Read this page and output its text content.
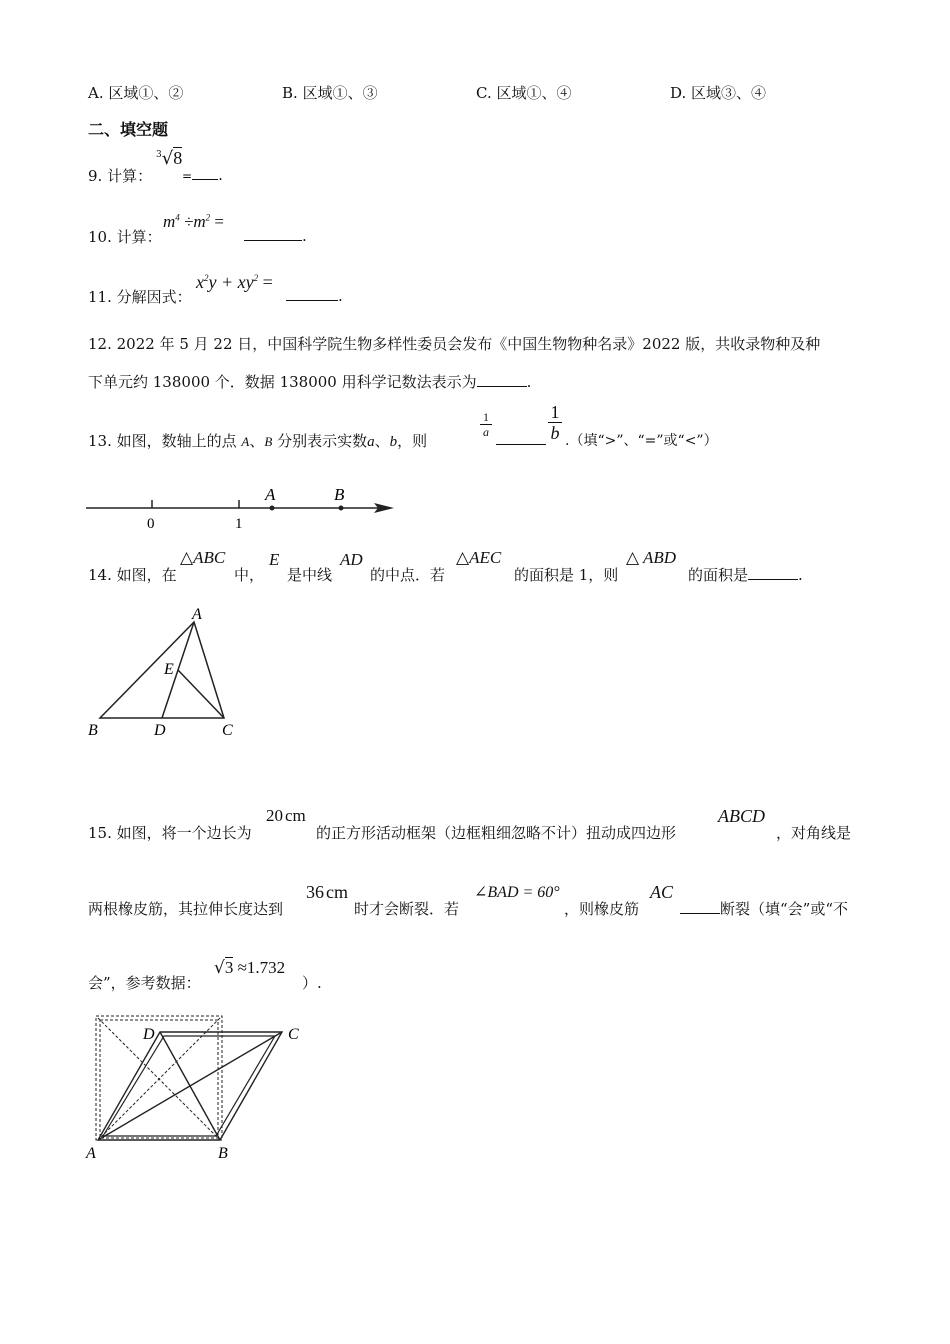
A. 区域①、②	B. 区域①、③	C. 区域①、④	D. 区域③、④
二、填空题
9. 计算：
$^3$√8
= .
10. 计算：
$m^4 \div m^2$ =
.
11. 分解因式：
$x^2y + xy^2$ =
.
12. 2022 年 5 月 22 日，中国科学院生物多样性委员会发布《中国生物物种名录》2022 版，共收录物种及种
下单元约 138000 个．数据 138000 用科学记数法表示为	.
13. 如图，数轴上的点 A、B 分别表示实数a、b，则
1
a
1
b .（填“>”、“=”或“<”）
0	1
A	B
14. 如图，在
△ABC
中，
E
是中线
AD
的中点．若
△AEC
的面积是 1，则
△ ABD
的面积是	.
A
B	C
D
E
15. 如图，将一个边长为
20 cm
的正方形活动框架（边框粗细忽略不计）扭动成四边形
ABCD
，对角线是
两根橡皮筋，其拉伸长度达到
36 cm
时才会断裂．若
∠BAD = 60°
，则橡皮筋
AC
断裂（填“会”或“不
会”，参考数据：
√3 ≈1.732
）.
A	B
C
D
